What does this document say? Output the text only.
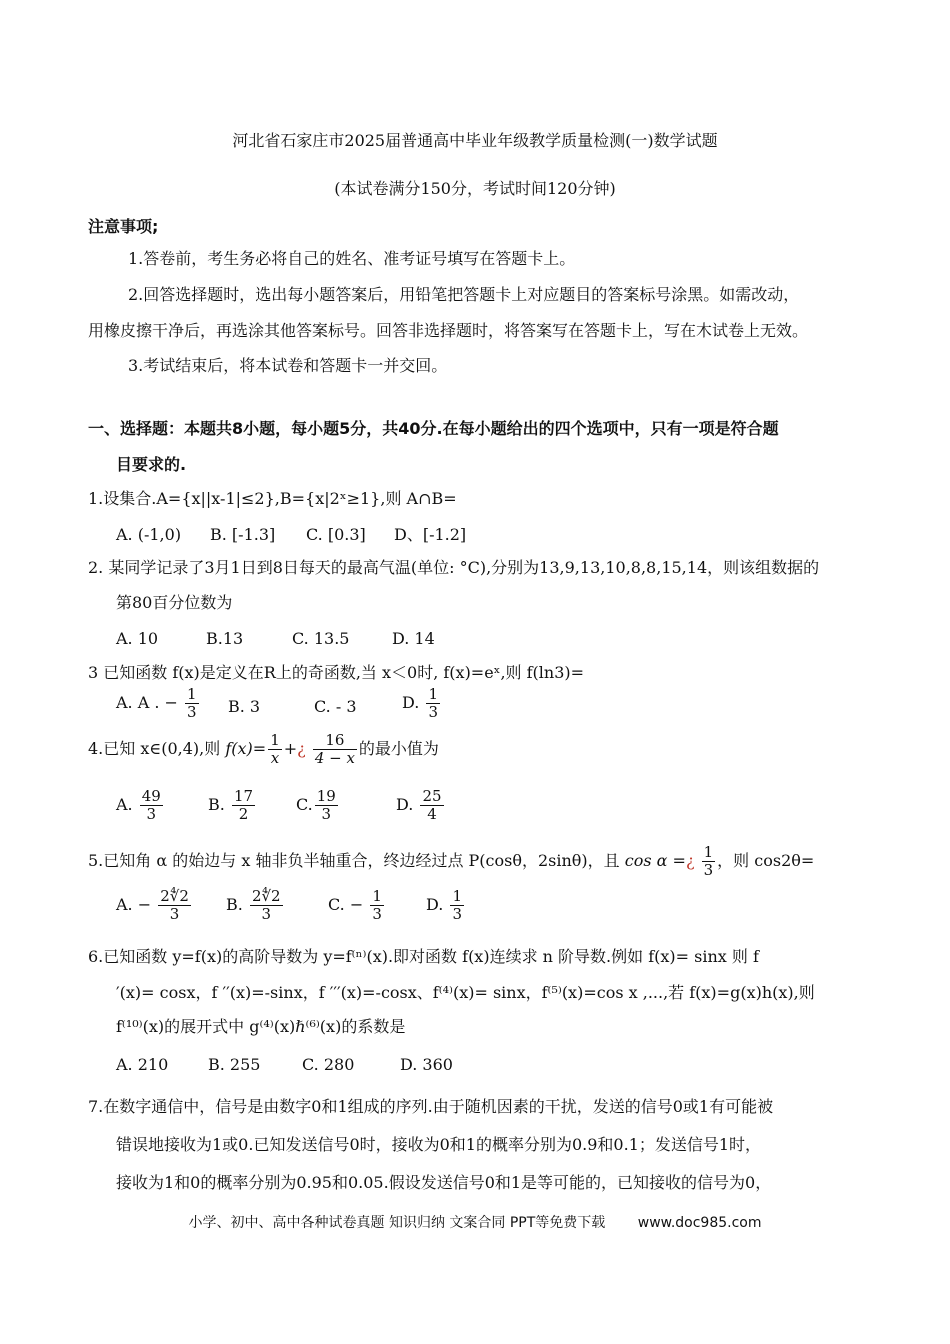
河北省石家庄市2025届普通高中毕业年级教学质量检测(一)数学试题
(本试卷满分150分，考试时间120分钟)
注意事项;
1.答卷前，考生务必将自己的姓名、准考证号填写在答题卡上。
2.回答选择题时，选出每小题答案后，用铅笔把答题卡上对应题目的答案标号涂黑。如需改动，
用橡皮擦干净后，再选涂其他答案标号。回答非选择题时，将答案写在答题卡上，写在木试卷上无效。
3.考试结束后，将本试卷和答题卡一并交回。
一、选择题：本题共8小题，每小题5分，共40分.在每小题给出的四个选项中，只有一项是符合题
目要求的.
1.设集合.A={x||x-1|≤2},B={x|2ˣ≥1},则 A∩B=
A. (-1,0) B. [-1.3] C. [0.3] D、[-1.2]
2. 某同学记录了3月1日到8日每天的最高气温(单位: °C),分别为13,9,13,10,8,8,15,14，则该组数据的
第80百分位数为
A. 10	B.13	C. 13.5	D. 14
3 已知函数 f(x)是定义在R上的奇函数,当 x＜0时, f(x)=eˣ,则 f(ln3)=
A. A . − $\frac{1}{3} B$. 3	C. - 3	D. $\frac{1}{3}$
4.已知 x∈(0,4),则 $f(x)= \frac{1}{x}$ +¿ $\frac{16}{4 - x}$ 的最小值为
A. $\frac{49}{3}$	B. $\frac{17}{2}$	C. $\frac{19}{3}$	D. $\frac{25}{4}$
5.已知角 α 的始边与 x 轴非负半轴重合，终边经过点 P(cosθ，2sinθ)，且 cos α =¿ $\frac{1}{3}$ ，则 cos2θ=
A. − $\frac{2∜2}{3} B$. $\frac{2∜2}{3}$	C. − $\frac{1}{3}$	D. $\frac{1}{3}$
6.已知函数 y=f(x)的高阶导数为 y=f⁽ⁿ⁾(x).即对函数 f(x)连续求 n 阶导数.例如 f(x)= sinx 则 f
′(x)= cosx，f ′′(x)=-sinx，f ′′′(x)=-cosx、f⁽⁴⁾(x)= sinx，f⁽⁵⁾(x)=cos x ,...,若 f(x)=g(x)h(x),则
f⁽¹⁰⁾(x)的展开式中 g⁽⁴⁾(x)ℏ⁽⁶⁾(x)的系数是
A. 210 B. 255	C. 280	D. 360
7.在数字通信中，信号是由数字0和1组成的序列.由于随机因素的干扰，发送的信号0或1有可能被
错误地接收为1或0.已知发送信号0时，接收为0和1的概率分别为0.9和0.1；发送信号1时，
接收为1和0的概率分别为0.95和0.05.假设发送信号0和1是等可能的，已知接收的信号为0，
小学、初中、高中各种试卷真题 知识归纳 文案合同 PPT等免费下载 www.doc985.com
